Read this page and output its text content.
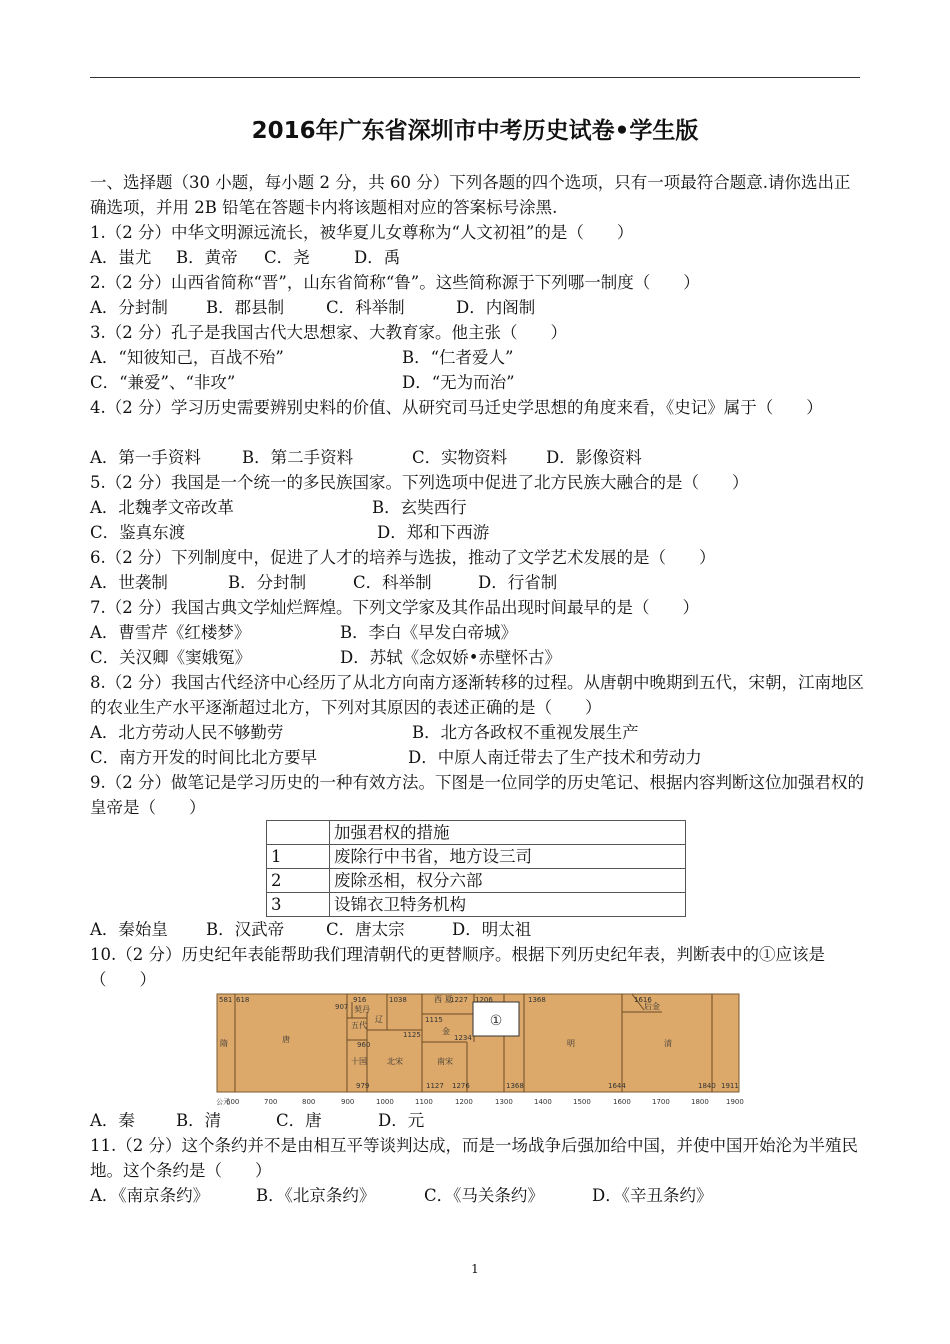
2016年广东省深圳市中考历史试卷•学生版
一、选择题（30 小题，每小题 2 分，共 60 分）下列各题的四个选项，只有一项最符合题意.请你选出正确选项，并用 2B 铅笔在答题卡内将该题相对应的答案标号涂黑.
1.（2 分）中华文明源远流长，被华夏儿女尊称为“人文初祖”的是（　　）
A．蚩尤	B．黄帝	C．尧	D．禹
2.（2 分）山西省简称“晋”，山东省简称“鲁”。这些简称源于下列哪一制度（　　）
A．分封制	B．郡县制	C．科举制	D．内阁制
3.（2 分）孔子是我国古代大思想家、大教育家。他主张（　　）
A．“知彼知己，百战不殆”	B．“仁者爱人”
C．“兼爱”、“非攻”	D．“无为而治”
4.（2 分）学习历史需要辨别史料的价值、从研究司马迁史学思想的角度来看，《史记》属于（　　）
A．第一手资料	B．第二手资料	C．实物资料	D．影像资料
5.（2 分）我国是一个统一的多民族国家。下列选项中促进了北方民族大融合的是（　　）
A．北魏孝文帝改革	B．玄奘西行
C．鉴真东渡	D．郑和下西游
6.（2 分）下列制度中，促进了人才的培养与选拔，推动了文学艺术发展的是（　　）
A．世袭制	B．分封制	C．科举制	D．行省制
7.（2 分）我国古典文学灿烂辉煌。下列文学家及其作品出现时间最早的是（　　）
A．曹雪芹《红楼梦》	B．李白《早发白帝城》
C．关汉卿《窦娥冤》	D．苏轼《念奴娇•赤壁怀古》
8.（2 分）我国古代经济中心经历了从北方向南方逐渐转移的过程。从唐朝中晚期到五代，宋朝，江南地区的农业生产水平逐渐超过北方，下列对其原因的表述正确的是（　　）
A．北方劳动人民不够勤劳	B．北方各政权不重视发展生产
C．南方开发的时间比北方要早	D．中原人南迁带去了生产技术和劳动力
9.（2 分）做笔记是学习历史的一种有效方法。下图是一位同学的历史笔记、根据内容判断这位加强君权的皇帝是（　　）
	加强君权的措施
1	废除行中书省，地方设三司
2	废除丞相，权分六部
3	设锦衣卫特务机构
A．秦始皇	B．汉武帝	C．唐太宗	D．明太祖
10.（2 分）历史纪年表能帮助我们理清朝代的更替顺序。根据下列历史纪年表，判断表中的①应该是（　　）
①
581 618
907
916
960
979
1038
1125
1115
1227
1234
1127 1276
1206
1368
1368	1616
1644	1840 1911
隋	唐
契丹
五代
十国
辽
北宋
西 夏
金
南宋
明
后金
清
公元
600	700	800	900	1000	1100	1200	1300	1400	1500	1600	1700	1800 1900
A．秦	B．清	C．唐	D．元
11.（2 分）这个条约并不是由相互平等谈判达成，而是一场战争后强加给中国，并使中国开始沦为半殖民地。这个条约是（　　）
A．《南京条约》	B．《北京条约》	C．《马关条约》	D．《辛丑条约》
1
